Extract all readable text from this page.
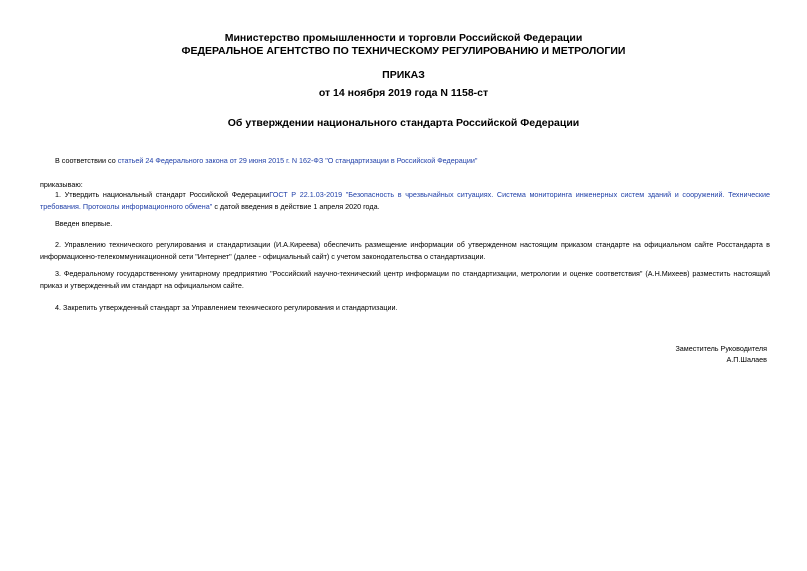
Министерство промышленности и торговли Российской Федерации
ФЕДЕРАЛЬНОЕ АГЕНТСТВО ПО ТЕХНИЧЕСКОМУ РЕГУЛИРОВАНИЮ И МЕТРОЛОГИИ
ПРИКАЗ
от 14 ноября 2019 года N 1158-ст
Об утверждении национального стандарта Российской Федерации
В соответствии со статьей 24 Федерального закона от 29 июня 2015 г. N 162-ФЗ "О стандартизации в Российской Федерации"
приказываю:
1. Утвердить национальный стандарт Российской ФедерацииГОСТ Р 22.1.03-2019 "Безопасность в чрезвычайных ситуациях. Система мониторинга инженерных систем зданий и сооружений. Технические требования. Протоколы информационного обмена" с датой введения в действие 1 апреля 2020 года.
Введен впервые.
2. Управлению технического регулирования и стандартизации (И.А.Киреева) обеспечить размещение информации об утвержденном настоящим приказом стандарте на официальном сайте Росстандарта в информационно-телекоммуникационной сети "Интернет" (далее - официальный сайт) с учетом законодательства о стандартизации.
3. Федеральному государственному унитарному предприятию "Российский научно-технический центр информации по стандартизации, метрологии и оценке соответствия" (А.Н.Михеев) разместить настоящий приказ и утвержденный им стандарт на официальном сайте.
4. Закрепить утвержденный стандарт за Управлением технического регулирования и стандартизации.
Заместитель Руководителя
А.П.Шалаев
